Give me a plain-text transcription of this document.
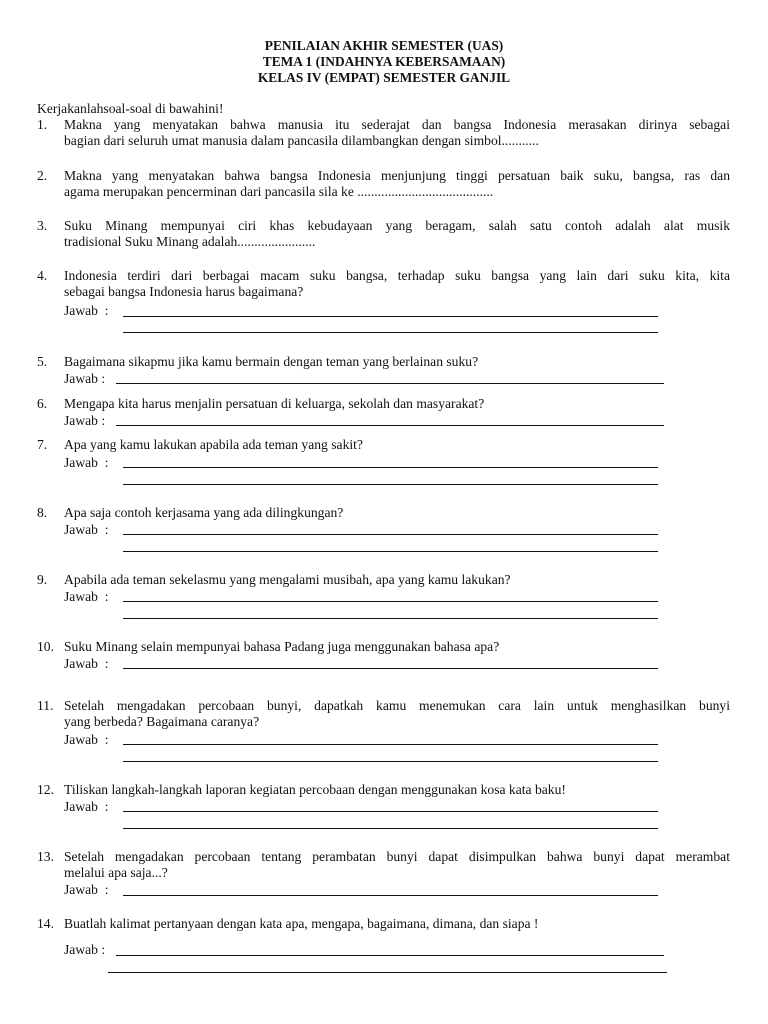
PENILAIAN AKHIR SEMESTER (UAS)
TEMA 1 (INDAHNYA KEBERSAMAAN)
KELAS IV (EMPAT) SEMESTER GANJIL
Kerjakanlahsoal-soal di bawahini!
1. Makna yang menyatakan bahwa manusia itu sederajat dan bangsa Indonesia merasakan dirinya sebagai
bagian dari seluruh umat manusia dalam pancasila dilambangkan dengan simbol...........
2. Makna yang menyatakan bahwa bangsa Indonesia menjunjung tinggi persatuan baik suku, bangsa, ras dan
agama merupakan pencerminan dari pancasila sila ke ........................................
3. Suku Minang mempunyai ciri khas kebudayaan yang beragam, salah satu contoh adalah alat musik
tradisional Suku Minang adalah.......................
4. Indonesia terdiri dari berbagai macam suku bangsa, terhadap suku bangsa yang lain dari suku kita, kita
sebagai bangsa Indonesia harus bagaimana?
Jawab  :
5. Bagaimana sikapmu jika kamu bermain dengan teman yang berlainan suku?
Jawab :
6. Mengapa kita harus menjalin persatuan di keluarga, sekolah dan masyarakat?
Jawab :
7. Apa yang kamu lakukan apabila ada teman yang sakit?
Jawab  :
8. Apa saja contoh kerjasama yang ada dilingkungan?
Jawab  :
9. Apabila ada teman sekelasmu yang mengalami musibah, apa yang kamu lakukan?
Jawab  :
10. Suku Minang selain mempunyai bahasa Padang juga menggunakan bahasa apa?
Jawab  :
11. Setelah mengadakan percobaan bunyi, dapatkah kamu menemukan cara lain untuk menghasilkan bunyi
yang berbeda? Bagaimana caranya?
Jawab  :
12. Tiliskan langkah-langkah laporan kegiatan percobaan dengan menggunakan kosa kata baku!
Jawab  :
13. Setelah mengadakan percobaan tentang perambatan bunyi dapat disimpulkan bahwa bunyi dapat merambat
melalui apa saja...?
Jawab  :
14. Buatlah kalimat pertanyaan dengan kata apa, mengapa, bagaimana, dimana, dan siapa !
Jawab :
